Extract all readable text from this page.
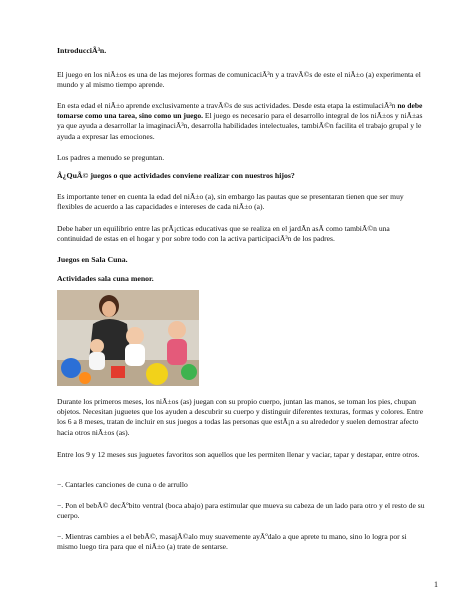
IntroducciÃ³n.

El juego en los niÃ±os es una de las mejores formas de comunicaciÃ³n y a travÃ©s de este el niÃ±o (a) experimenta el mundo y al mismo tiempo aprende.

En esta edad el niÃ±o aprende exclusivamente a travÃ©s de sus actividades. Desde esta etapa la estimulaciÃ³n no debe tomarse como una tarea, sino como un juego. El juego es necesario para el desarrollo integral de los niÃ±os y niÃ±as ya que ayuda a desarrollar la imaginaciÃ³n, desarrolla habilidades intelectuales, tambiÃ©n facilita el trabajo grupal y le ayuda a expresar las emociones.

Los padres a menudo se preguntan.

Â¿QuÃ© juegos o que actividades conviene realizar con nuestros hijos?

Es importante tener en cuenta la edad del niÃ±o (a), sin embargo las pautas que se presentaran tienen que ser muy flexibles de acuerdo a las capacidades e intereses de cada niÃ±o (a).

Debe haber un equilibrio entre las prÃ¡cticas educativas que se realiza en el jardÃn asÃ como tambiÃ©n una continuidad de estas en el hogar y por sobre todo con la activa participaciÃ³n de los padres.

Juegos en Sala Cuna.

Actividades sala cuna menor.

Durante los primeros meses, los niÃ±os (as) juegan con su propio cuerpo, juntan las manos, se toman los pies, chupan objetos. Necesitan juguetes que los ayuden a descubrir su cuerpo y distinguir diferentes texturas, formas y colores. Entre los 6 a 8 meses, tratan de incluir en sus juegos a todas las personas que estÃ¡n a su alrededor y suelen demostrar afecto hacia otros niÃ±os (as).

Entre los 9 y 12 meses sus juguetes favoritos son aquellos que les permiten llenar y vaciar, tapar y destapar, entre otros.

−. Cantarles canciones de cuna o de arrullo

−. Pon el bebÃ© decÃºbito ventral (boca abajo) para estimular que mueva su cabeza de un lado para otro y el resto de su cuerpo.

−. Mientras cambies a el bebÃ©, masajÃ©alo muy suavemente ayÃºdalo a que aprete tu mano, sino lo logra por si mismo luego tira para que el niÃ±o (a) trate de sentarse.

1
